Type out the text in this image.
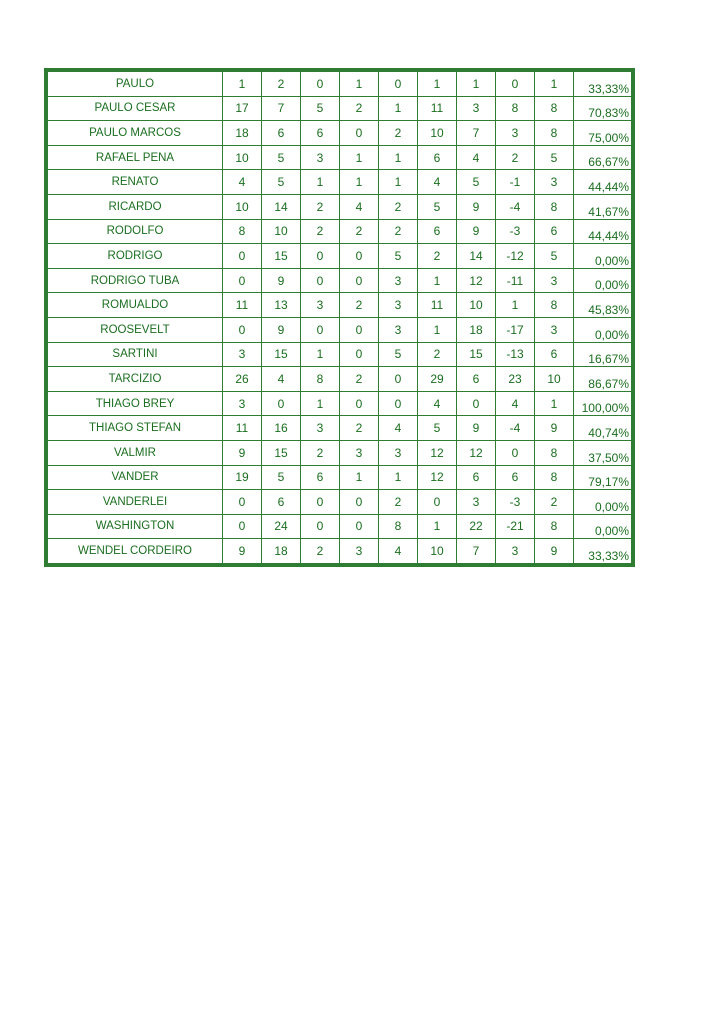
PAULO	1	2	0	1	0	1	1	0	1	33,33%
PAULO CESAR	17	7	5	2	1	11	3	8	8	70,83%
PAULO MARCOS	18	6	6	0	2	10	7	3	8	75,00%
RAFAEL PENA	10	5	3	1	1	6	4	2	5	66,67%
RENATO	4	5	1	1	1	4	5	-1	3	44,44%
RICARDO	10	14	2	4	2	5	9	-4	8	41,67%
RODOLFO	8	10	2	2	2	6	9	-3	6	44,44%
RODRIGO	0	15	0	0	5	2	14	-12	5	0,00%
RODRIGO TUBA	0	9	0	0	3	1	12	-11	3	0,00%
ROMUALDO	11	13	3	2	3	11	10	1	8	45,83%
ROOSEVELT	0	9	0	0	3	1	18	-17	3	0,00%
SARTINI	3	15	1	0	5	2	15	-13	6	16,67%
TARCIZIO	26	4	8	2	0	29	6	23	10	86,67%
THIAGO BREY	3	0	1	0	0	4	0	4	1	100,00%
THIAGO STEFAN	11	16	3	2	4	5	9	-4	9	40,74%
VALMIR	9	15	2	3	3	12	12	0	8	37,50%
VANDER	19	5	6	1	1	12	6	6	8	79,17%
VANDERLEI	0	6	0	0	2	0	3	-3	2	0,00%
WASHINGTON	0	24	0	0	8	1	22	-21	8	0,00%
WENDEL CORDEIRO	9	18	2	3	4	10	7	3	9	33,33%
